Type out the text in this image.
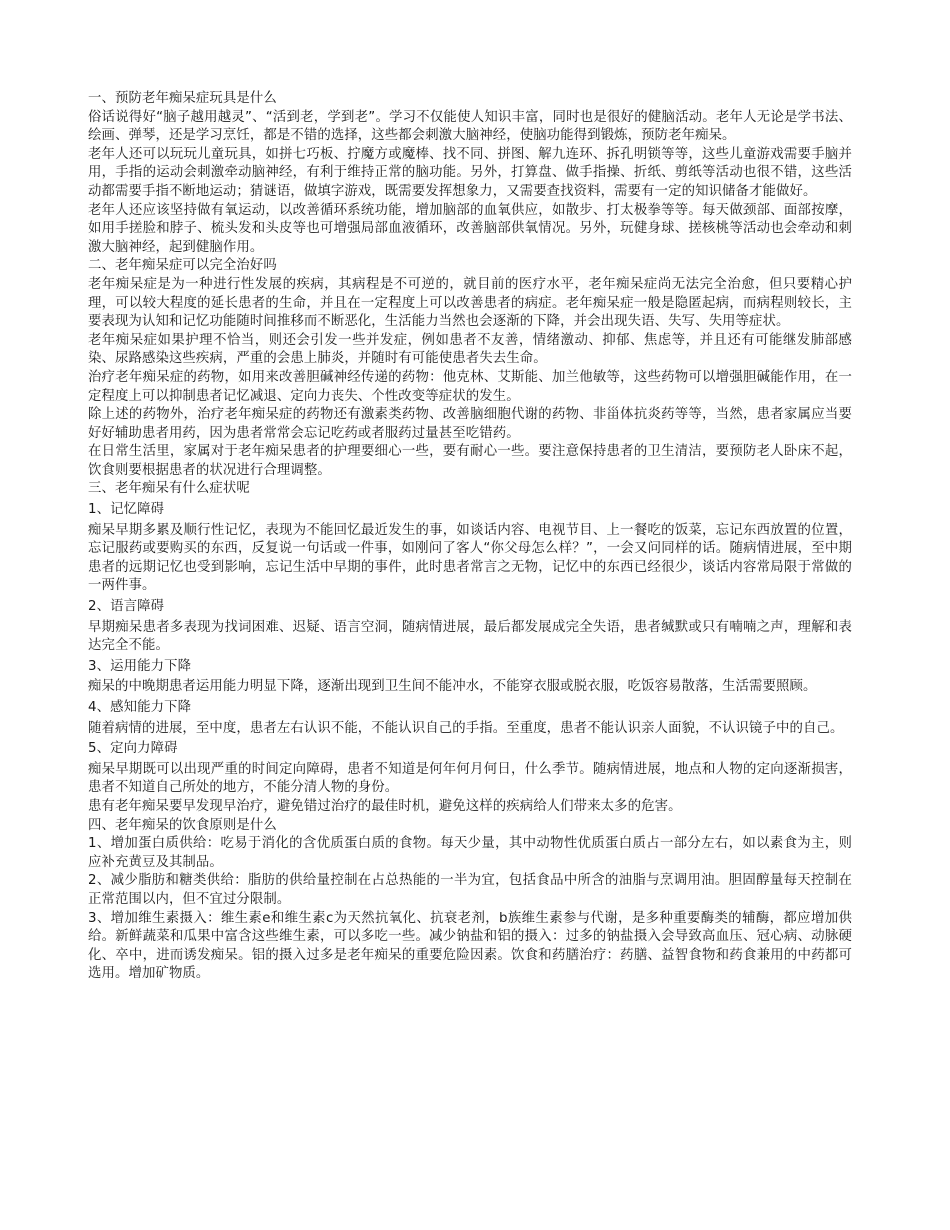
一、预防老年痴呆症玩具是什么
俗话说得好“脑子越用越灵”、“活到老，学到老”。学习不仅能使人知识丰富，同时也是很好的健脑活动。老年人无论是学书法、绘画、弹琴，还是学习烹饪，都是不错的选择，这些都会刺激大脑神经，使脑功能得到锻炼，预防老年痴呆。
老年人还可以玩玩儿童玩具，如拼七巧板、拧魔方或魔棒、找不同、拼图、解九连环、拆孔明锁等等，这些儿童游戏需要手脑并用，手指的运动会刺激牵动脑神经，有利于维持正常的脑功能。另外，打算盘、做手指操、折纸、剪纸等活动也很不错，这些活动都需要手指不断地运动；猜谜语，做填字游戏，既需要发挥想象力，又需要查找资料，需要有一定的知识储备才能做好。
老年人还应该坚持做有氧运动，以改善循环系统功能，增加脑部的血氧供应，如散步、打太极拳等等。每天做颈部、面部按摩，如用手搓脸和脖子、梳头发和头皮等也可增强局部血液循环，改善脑部供氧情况。另外，玩健身球、搓核桃等活动也会牵动和刺激大脑神经，起到健脑作用。
二、老年痴呆症可以完全治好吗
老年痴呆症是为一种进行性发展的疾病，其病程是不可逆的，就目前的医疗水平，老年痴呆症尚无法完全治愈，但只要精心护理，可以较大程度的延长患者的生命，并且在一定程度上可以改善患者的病症。老年痴呆症一般是隐匿起病，而病程则较长，主要表现为认知和记忆功能随时间推移而不断恶化，生活能力当然也会逐渐的下降，并会出现失语、失写、失用等症状。
老年痴呆症如果护理不恰当，则还会引发一些并发症，例如患者不友善，情绪激动、抑郁、焦虑等，并且还有可能继发肺部感染、尿路感染这些疾病，严重的会患上肺炎，并随时有可能使患者失去生命。
治疗老年痴呆症的药物，如用来改善胆碱神经传递的药物：他克林、艾斯能、加兰他敏等，这些药物可以增强胆碱能作用，在一定程度上可以抑制患者记忆减退、定向力丧失、个性改变等症状的发生。
除上述的药物外，治疗老年痴呆症的药物还有激素类药物、改善脑细胞代谢的药物、非甾体抗炎药等等，当然，患者家属应当要好好辅助患者用药，因为患者常常会忘记吃药或者服药过量甚至吃错药。
在日常生活里，家属对于老年痴呆患者的护理要细心一些，要有耐心一些。要注意保持患者的卫生清洁，要预防老人卧床不起，饮食则要根据患者的状况进行合理调整。
三、老年痴呆有什么症状呢
1、记忆障碍
痴呆早期多累及顺行性记忆，表现为不能回忆最近发生的事，如谈话内容、电视节目、上一餐吃的饭菜，忘记东西放置的位置，忘记服药或要购买的东西，反复说一句话或一件事，如刚问了客人“你父母怎么样？”，一会又问同样的话。随病情进展，至中期患者的远期记忆也受到影响，忘记生活中早期的事件，此时患者常言之无物，记忆中的东西已经很少，谈话内容常局限于常做的一两件事。
2、语言障碍
早期痴呆患者多表现为找词困难、迟疑、语言空洞，随病情进展，最后都发展成完全失语，患者缄默或只有喃喃之声，理解和表达完全不能。
3、运用能力下降
痴呆的中晚期患者运用能力明显下降，逐渐出现到卫生间不能冲水，不能穿衣服或脱衣服，吃饭容易散落，生活需要照顾。
4、感知能力下降
随着病情的进展，至中度，患者左右认识不能，不能认识自己的手指。至重度，患者不能认识亲人面貌，不认识镜子中的自己。
5、定向力障碍
痴呆早期既可以出现严重的时间定向障碍，患者不知道是何年何月何日，什么季节。随病情进展，地点和人物的定向逐渐损害，患者不知道自己所处的地方，不能分清人物的身份。
患有老年痴呆要早发现早治疗，避免错过治疗的最佳时机，避免这样的疾病给人们带来太多的危害。
四、老年痴呆的饮食原则是什么
1、增加蛋白质供给：吃易于消化的含优质蛋白质的食物。每天少量，其中动物性优质蛋白质占一部分左右，如以素食为主，则应补充黄豆及其制品。
2、减少脂肪和糖类供给：脂肪的供给量控制在占总热能的一半为宜，包括食品中所含的油脂与烹调用油。胆固醇量每天控制在正常范围以内，但不宜过分限制。
3、增加维生素摄入：维生素e和维生素c为天然抗氧化、抗衰老剂，b族维生素参与代谢，是多种重要酶类的辅酶，都应增加供给。新鲜蔬菜和瓜果中富含这些维生素，可以多吃一些。减少钠盐和铝的摄入：过多的钠盐摄入会导致高血压、冠心病、动脉硬化、卒中，进而诱发痴呆。铝的摄入过多是老年痴呆的重要危险因素。饮食和药膳治疗：药膳、益智食物和药食兼用的中药都可选用。增加矿物质。
